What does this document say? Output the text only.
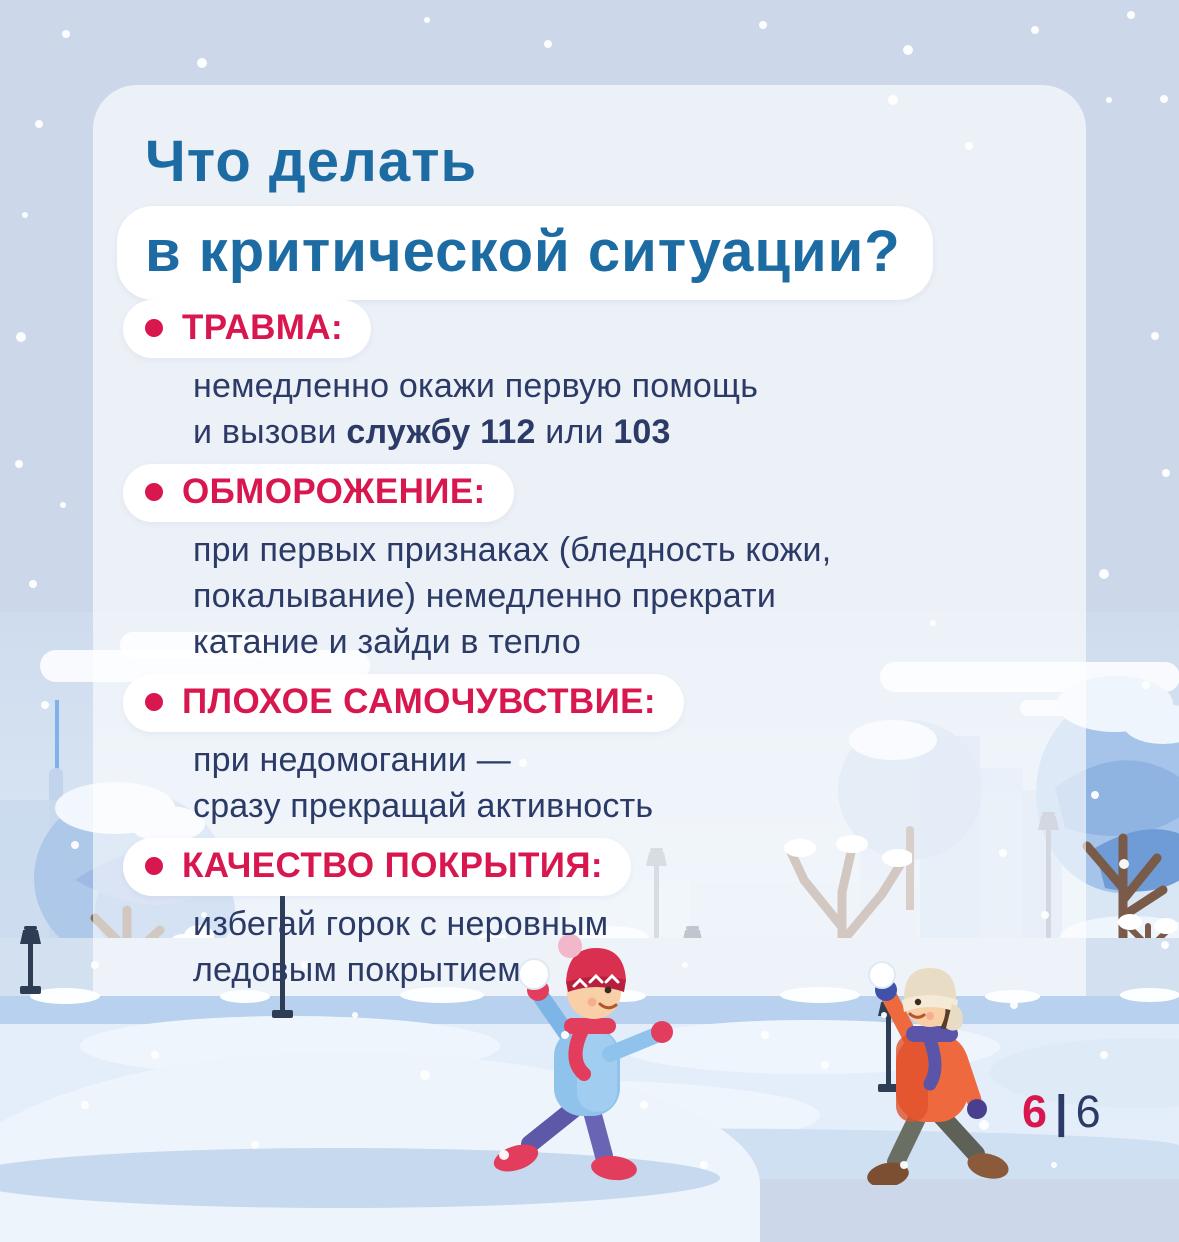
Что делать
в критической ситуации?
ТРАВМА:
немедленно окажи первую помощь
и вызови службу 112 или 103
ОБМОРОЖЕНИЕ:
при первых признаках (бледность кожи,
покалывание) немедленно прекрати
катание и зайди в тепло
ПЛОХОЕ САМОЧУВСТВИЕ:
при недомогании —
сразу прекращай активность
КАЧЕСТВО ПОКРЫТИЯ:
избегай горок с неровным
ледовым покрытием
6 | 6
